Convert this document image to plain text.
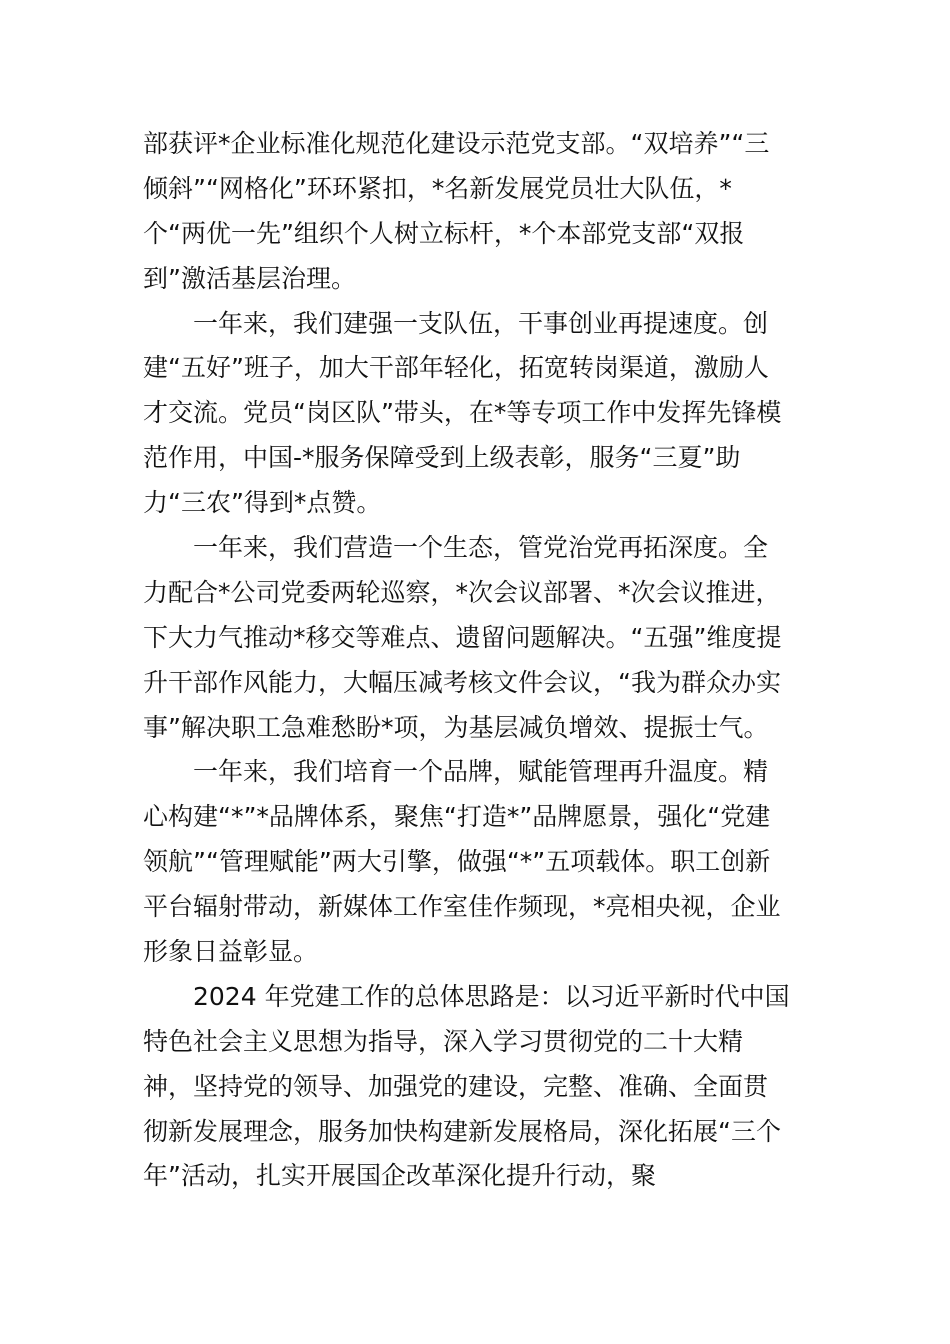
部获评*企业标准化规范化建设示范党支部。“双培养”“三
倾斜”“网格化”环环紧扣，*名新发展党员壮大队伍，*
个“两优一先”组织个人树立标杆，*个本部党支部“双报
到”激活基层治理。
一年来，我们建强一支队伍，干事创业再提速度。创
建“五好”班子，加大干部年轻化，拓宽转岗渠道，激励人
才交流。党员“岗区队”带头，在*等专项工作中发挥先锋模
范作用，中国-*服务保障受到上级表彰，服务“三夏”助
力“三农”得到*点赞。
一年来，我们营造一个生态，管党治党再拓深度。全
力配合*公司党委两轮巡察，*次会议部署、*次会议推进，
下大力气推动*移交等难点、遗留问题解决。“五强”维度提
升干部作风能力，大幅压减考核文件会议，“我为群众办实
事”解决职工急难愁盼*项，为基层减负增效、提振士气。
一年来，我们培育一个品牌，赋能管理再升温度。精
心构建“*”*品牌体系，聚焦“打造*”品牌愿景，强化“党建
领航”“管理赋能”两大引擎，做强“*”五项载体。职工创新
平台辐射带动，新媒体工作室佳作频现，*亮相央视，企业
形象日益彰显。
2024 年党建工作的总体思路是：以习近平新时代中国
特色社会主义思想为指导，深入学习贯彻党的二十大精
神，坚持党的领导、加强党的建设，完整、准确、全面贯
彻新发展理念，服务加快构建新发展格局，深化拓展“三个
年”活动，扎实开展国企改革深化提升行动，聚
